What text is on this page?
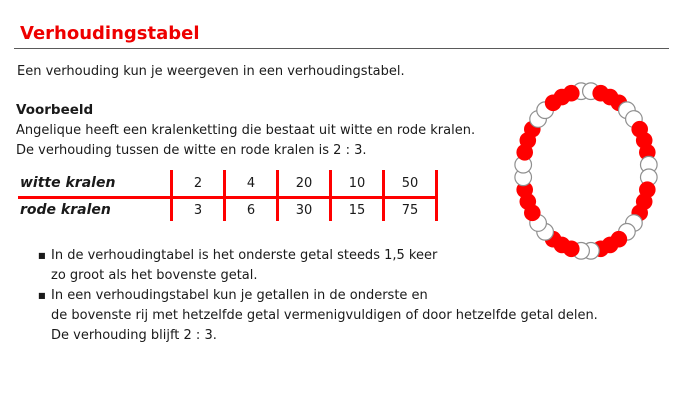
Verhoudingstabel
Een verhouding kun je weergeven in een verhoudingstabel.
Voorbeeld
Angelique heeft een kralenketting die bestaat uit witte en rode kralen.
De verhouding tussen de witte en rode kralen is 2 : 3.
witte kralen	2	4	20	10	50
rode kralen	3	6	30	15	75
■ In de verhoudingtabel is het onderste getal steeds 1,5 keer
zo groot als het bovenste getal.
■ In een verhoudingstabel kun je getallen in de onderste en
de bovenste rij met hetzelfde getal vermenigvuldigen of door hetzelfde getal delen.
De verhouding blijft 2 : 3.
